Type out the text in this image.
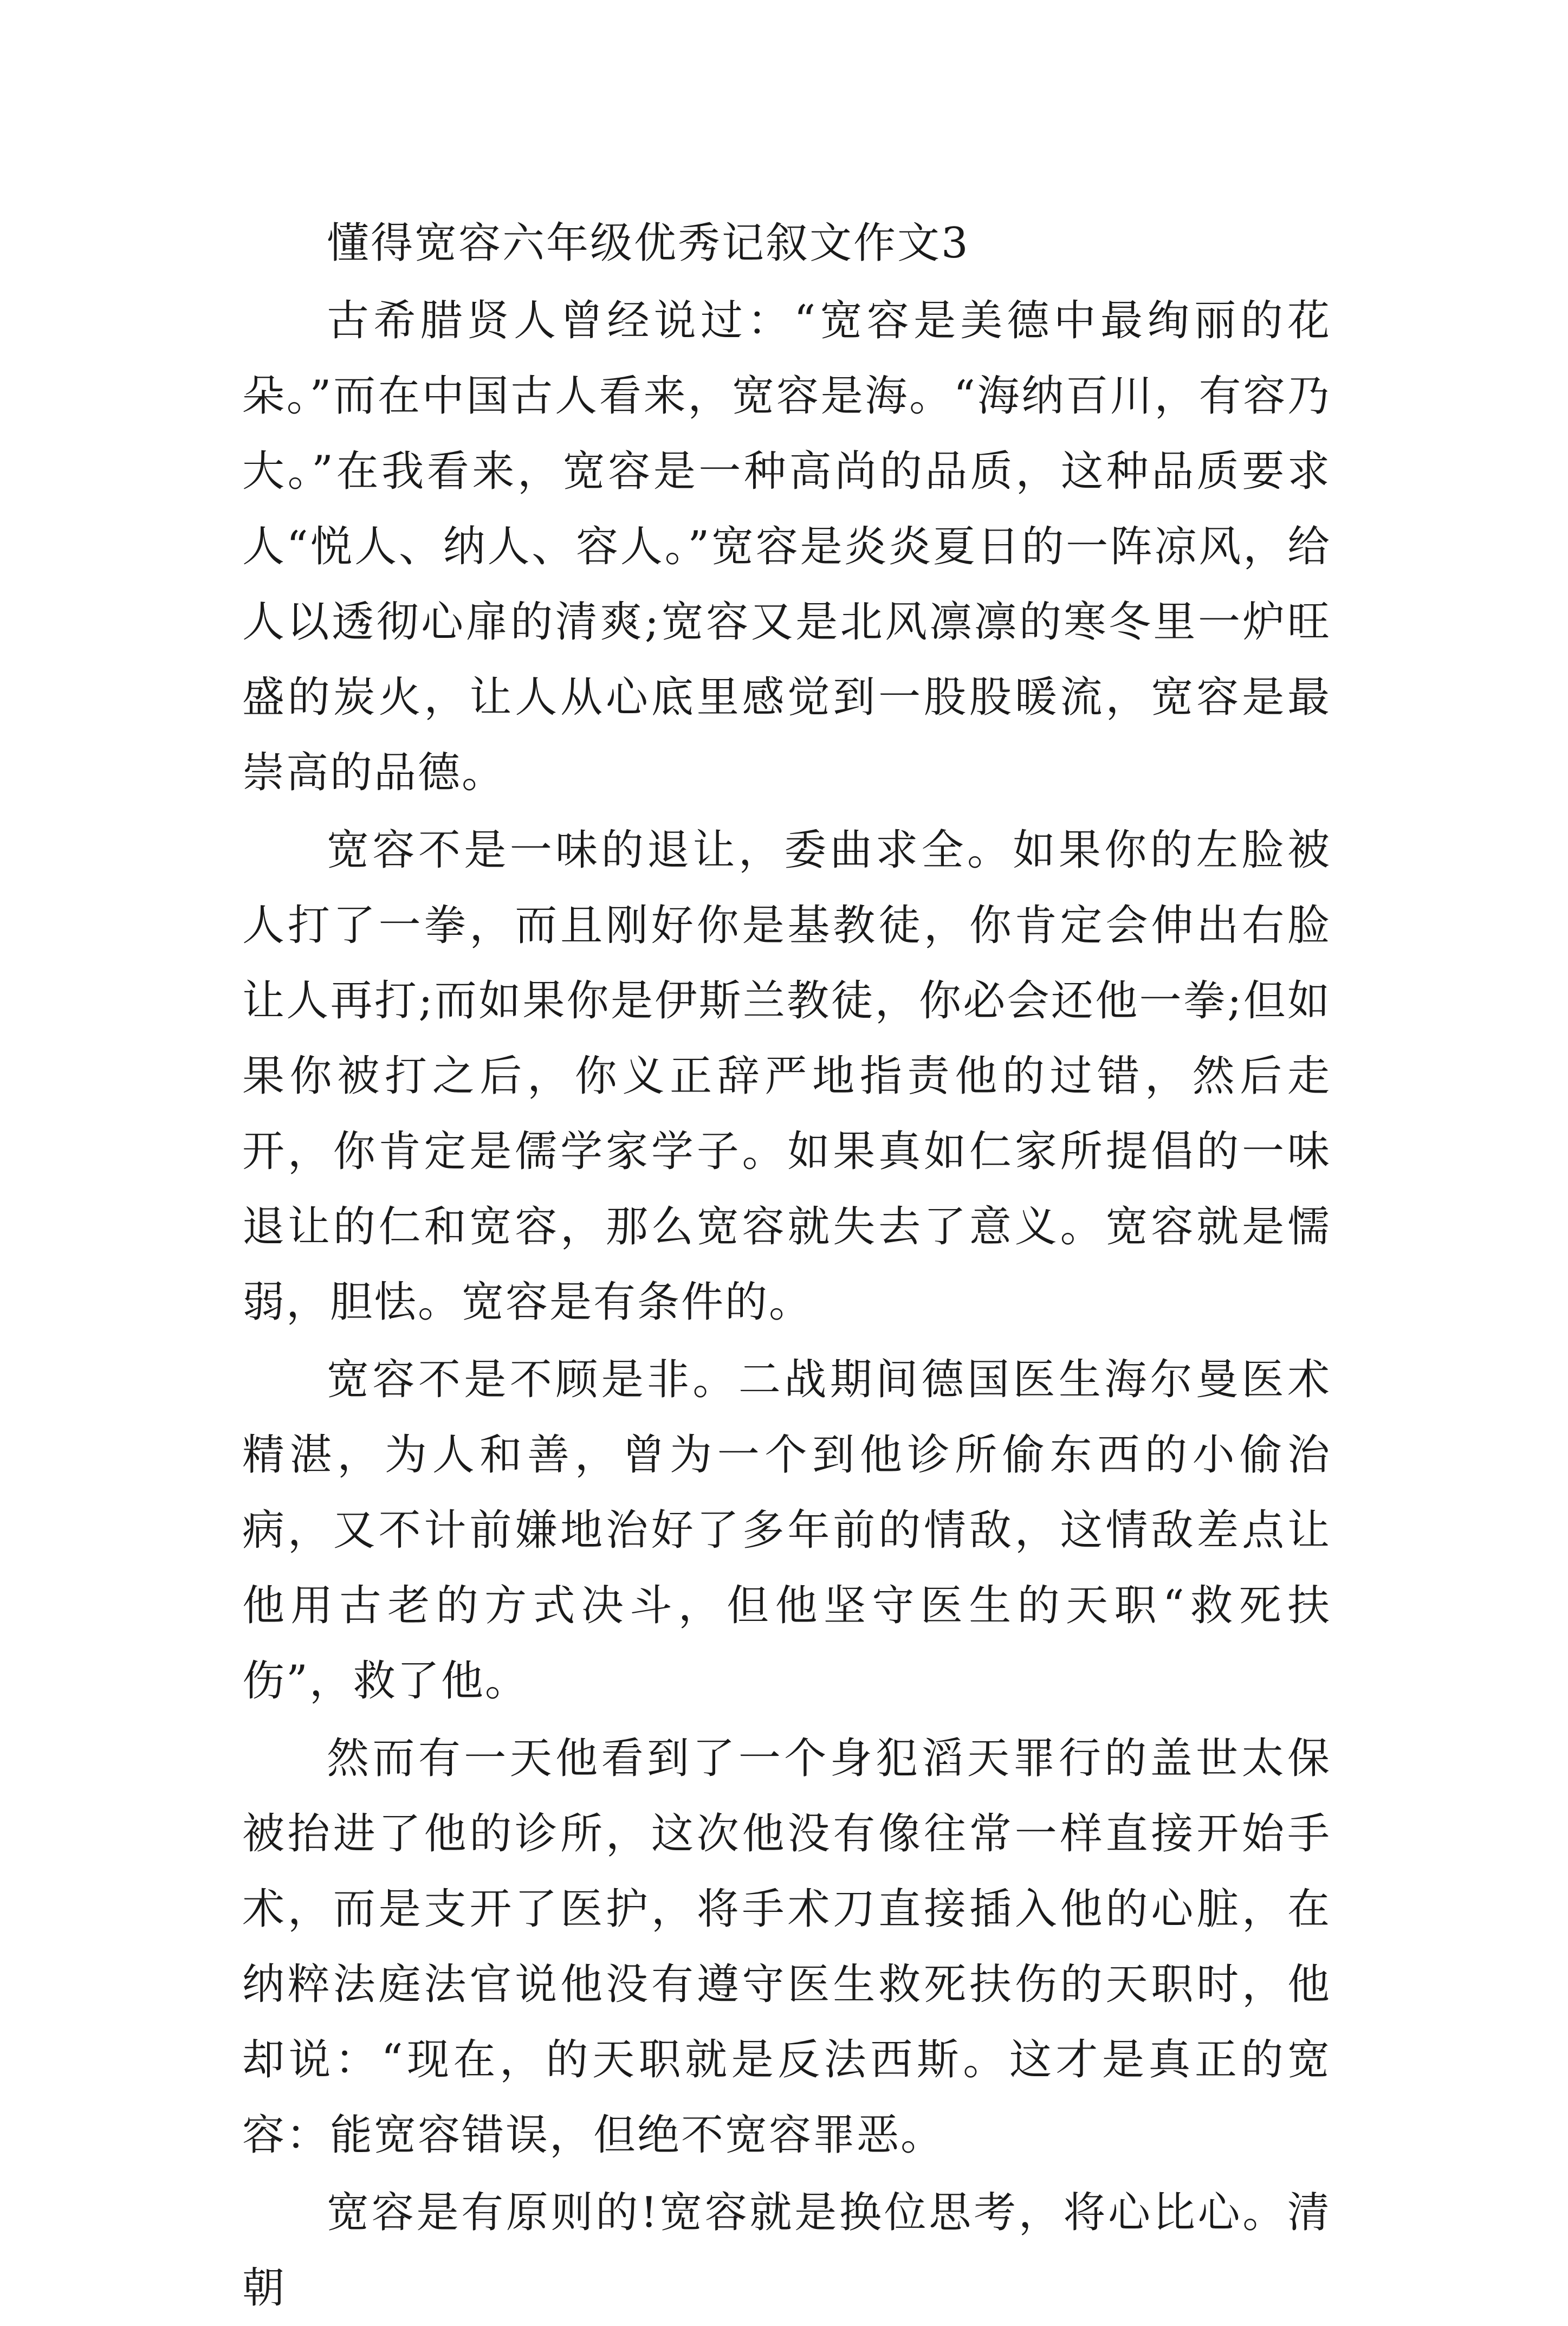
懂得宽容六年级优秀记叙文作文3

古希腊贤人曾经说过：“宽容是美德中最绚丽的花朵。”而在中国古人看来，宽容是海。“海纳百川，有容乃大。”在我看来，宽容是一种高尚的品质，这种品质要求人“悦人、纳人、容人。”宽容是炎炎夏日的一阵凉风，给人以透彻心扉的清爽;宽容又是北风凛凛的寒冬里一炉旺盛的炭火，让人从心底里感觉到一股股暖流，宽容是最崇高的品德。

宽容不是一味的退让，委曲求全。如果你的左脸被人打了一拳，而且刚好你是基教徒，你肯定会伸出右脸让人再打;而如果你是伊斯兰教徒，你必会还他一拳;但如果你被打之后，你义正辞严地指责他的过错，然后走开，你肯定是儒学家学子。如果真如仁家所提倡的一味退让的仁和宽容，那么宽容就失去了意义。宽容就是懦弱，胆怯。宽容是有条件的。

宽容不是不顾是非。二战期间德国医生海尔曼医术精湛，为人和善，曾为一个到他诊所偷东西的小偷治病，又不计前嫌地治好了多年前的情敌，这情敌差点让他用古老的方式决斗，但他坚守医生的天职“救死扶伤”，救了他。

然而有一天他看到了一个身犯滔天罪行的盖世太保被抬进了他的诊所，这次他没有像往常一样直接开始手术，而是支开了医护，将手术刀直接插入他的心脏，在纳粹法庭法官说他没有遵守医生救死扶伤的天职时，他却说：“现在，的天职就是反法西斯。这才是真正的宽容：能宽容错误，但绝不宽容罪恶。

宽容是有原则的!宽容就是换位思考，将心比心。清朝
